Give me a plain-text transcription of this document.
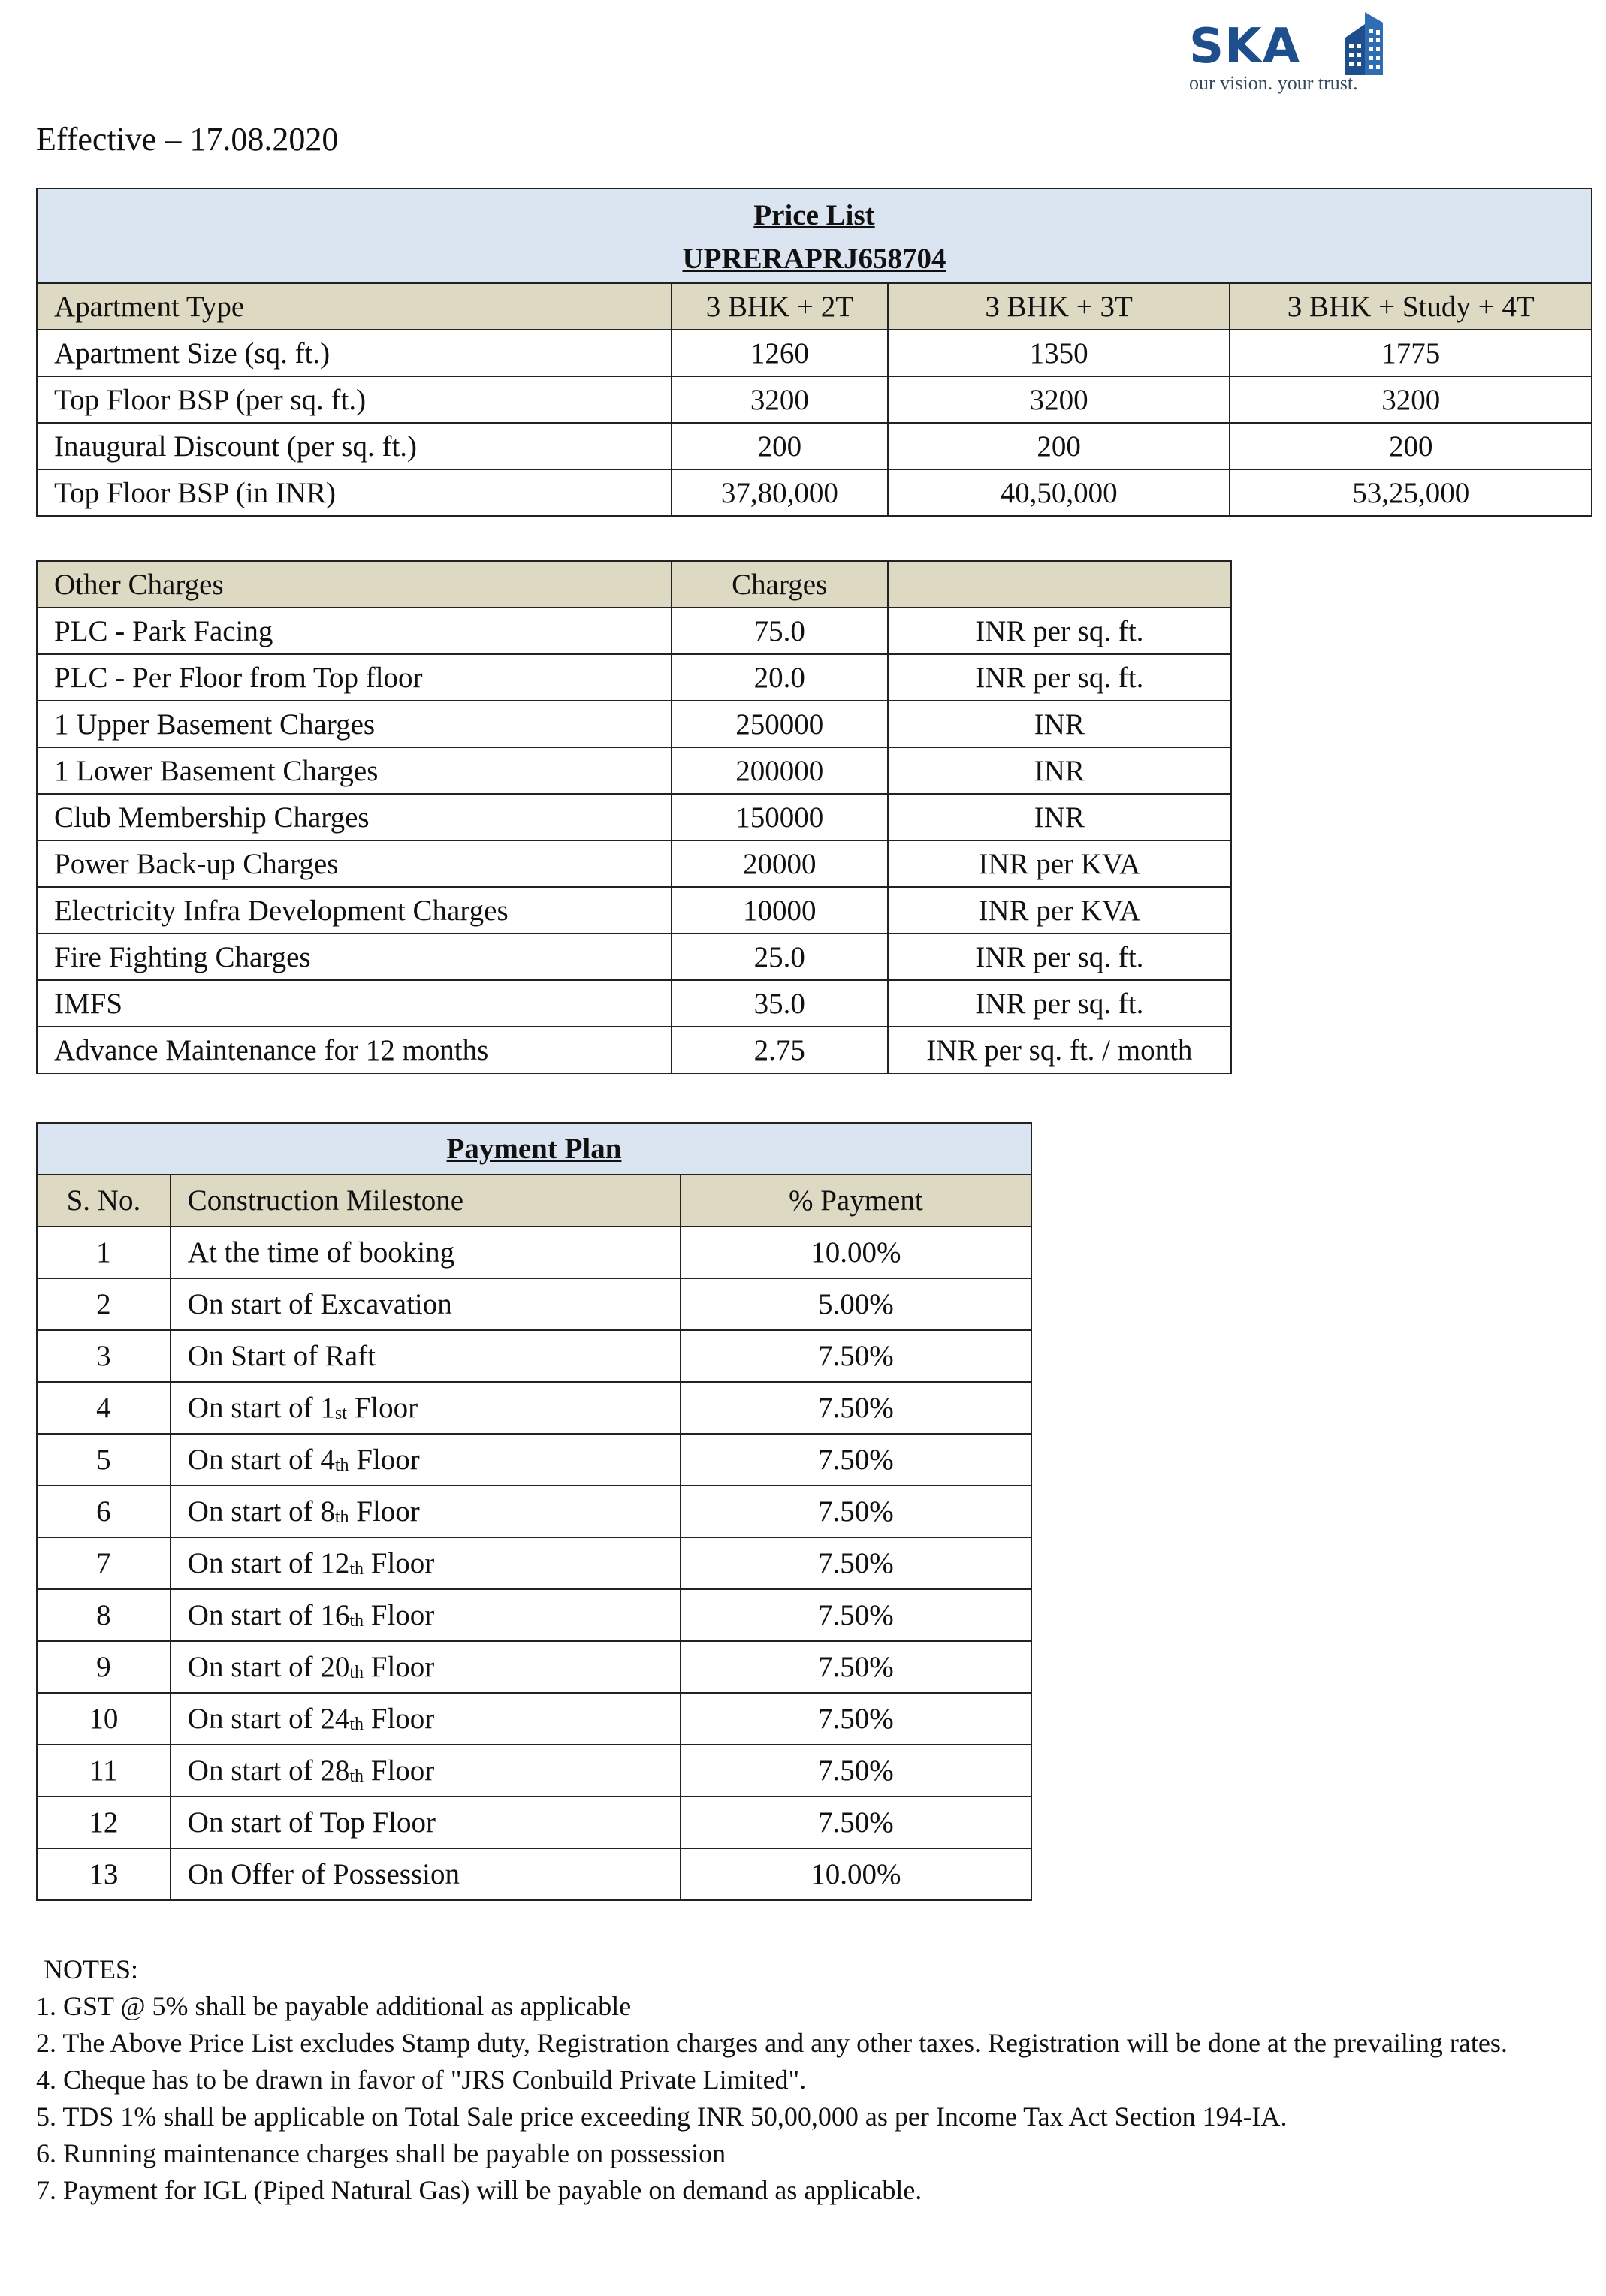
SKA
our vision. your trust.
Effective – 17.08.2020
Price List
UPRERAPRJ658704			

Apartment Type	3 BHK + 2T	3 BHK + 3T	3 BHK + Study + 4T
Apartment Size (sq. ft.)	1260	1350	1775
Top Floor BSP (per sq. ft.)	3200	3200	3200
Inaugural Discount (per sq. ft.)	200	200	200
Top Floor BSP (in INR)	37,80,000	40,50,000	53,25,000
Other Charges	Charges	
PLC - Park Facing	75.0	INR per sq. ft.
PLC - Per Floor from Top floor	20.0	INR per sq. ft.
1 Upper Basement Charges	250000	INR
1 Lower Basement Charges	200000	INR
Club Membership Charges	150000	INR
Power Back-up Charges	20000	INR per KVA
Electricity Infra Development Charges	10000	INR per KVA
Fire Fighting Charges	25.0	INR per sq. ft.
IMFS	35.0	INR per sq. ft.
Advance Maintenance for 12 months	2.75	INR per sq. ft. / month
Payment Plan		
S. No.	Construction Milestone	% Payment
1	At the time of booking	10.00%
2	On start of Excavation	5.00%
3	On Start of Raft	7.50%
4	On start of $1_{st}$ Floor	7.50%
5	On start of $4_{th}$ Floor	7.50%
6	On start of $8_{th}$ Floor	7.50%
7	On start of $12_{th}$ Floor	7.50%
8	On start of $16_{th}$ Floor	7.50%
9	On start of $20_{th}$ Floor	7.50%
10	On start of $24_{th}$ Floor	7.50%
11	On start of $28_{th}$ Floor	7.50%
12	On start of Top Floor	7.50%
13	On Offer of Possession	10.00%
NOTES:
1. GST @ 5% shall be payable additional as applicable
2. The Above Price List excludes Stamp duty, Registration charges and any other taxes. Registration will be done at the prevailing rates.
4. Cheque has to be drawn in favor of "JRS Conbuild Private Limited".
5. TDS 1% shall be applicable on Total Sale price exceeding INR 50,00,000 as per Income Tax Act Section 194-IA.
6. Running maintenance charges shall be payable on possession
7. Payment for IGL (Piped Natural Gas) will be payable on demand as applicable.
